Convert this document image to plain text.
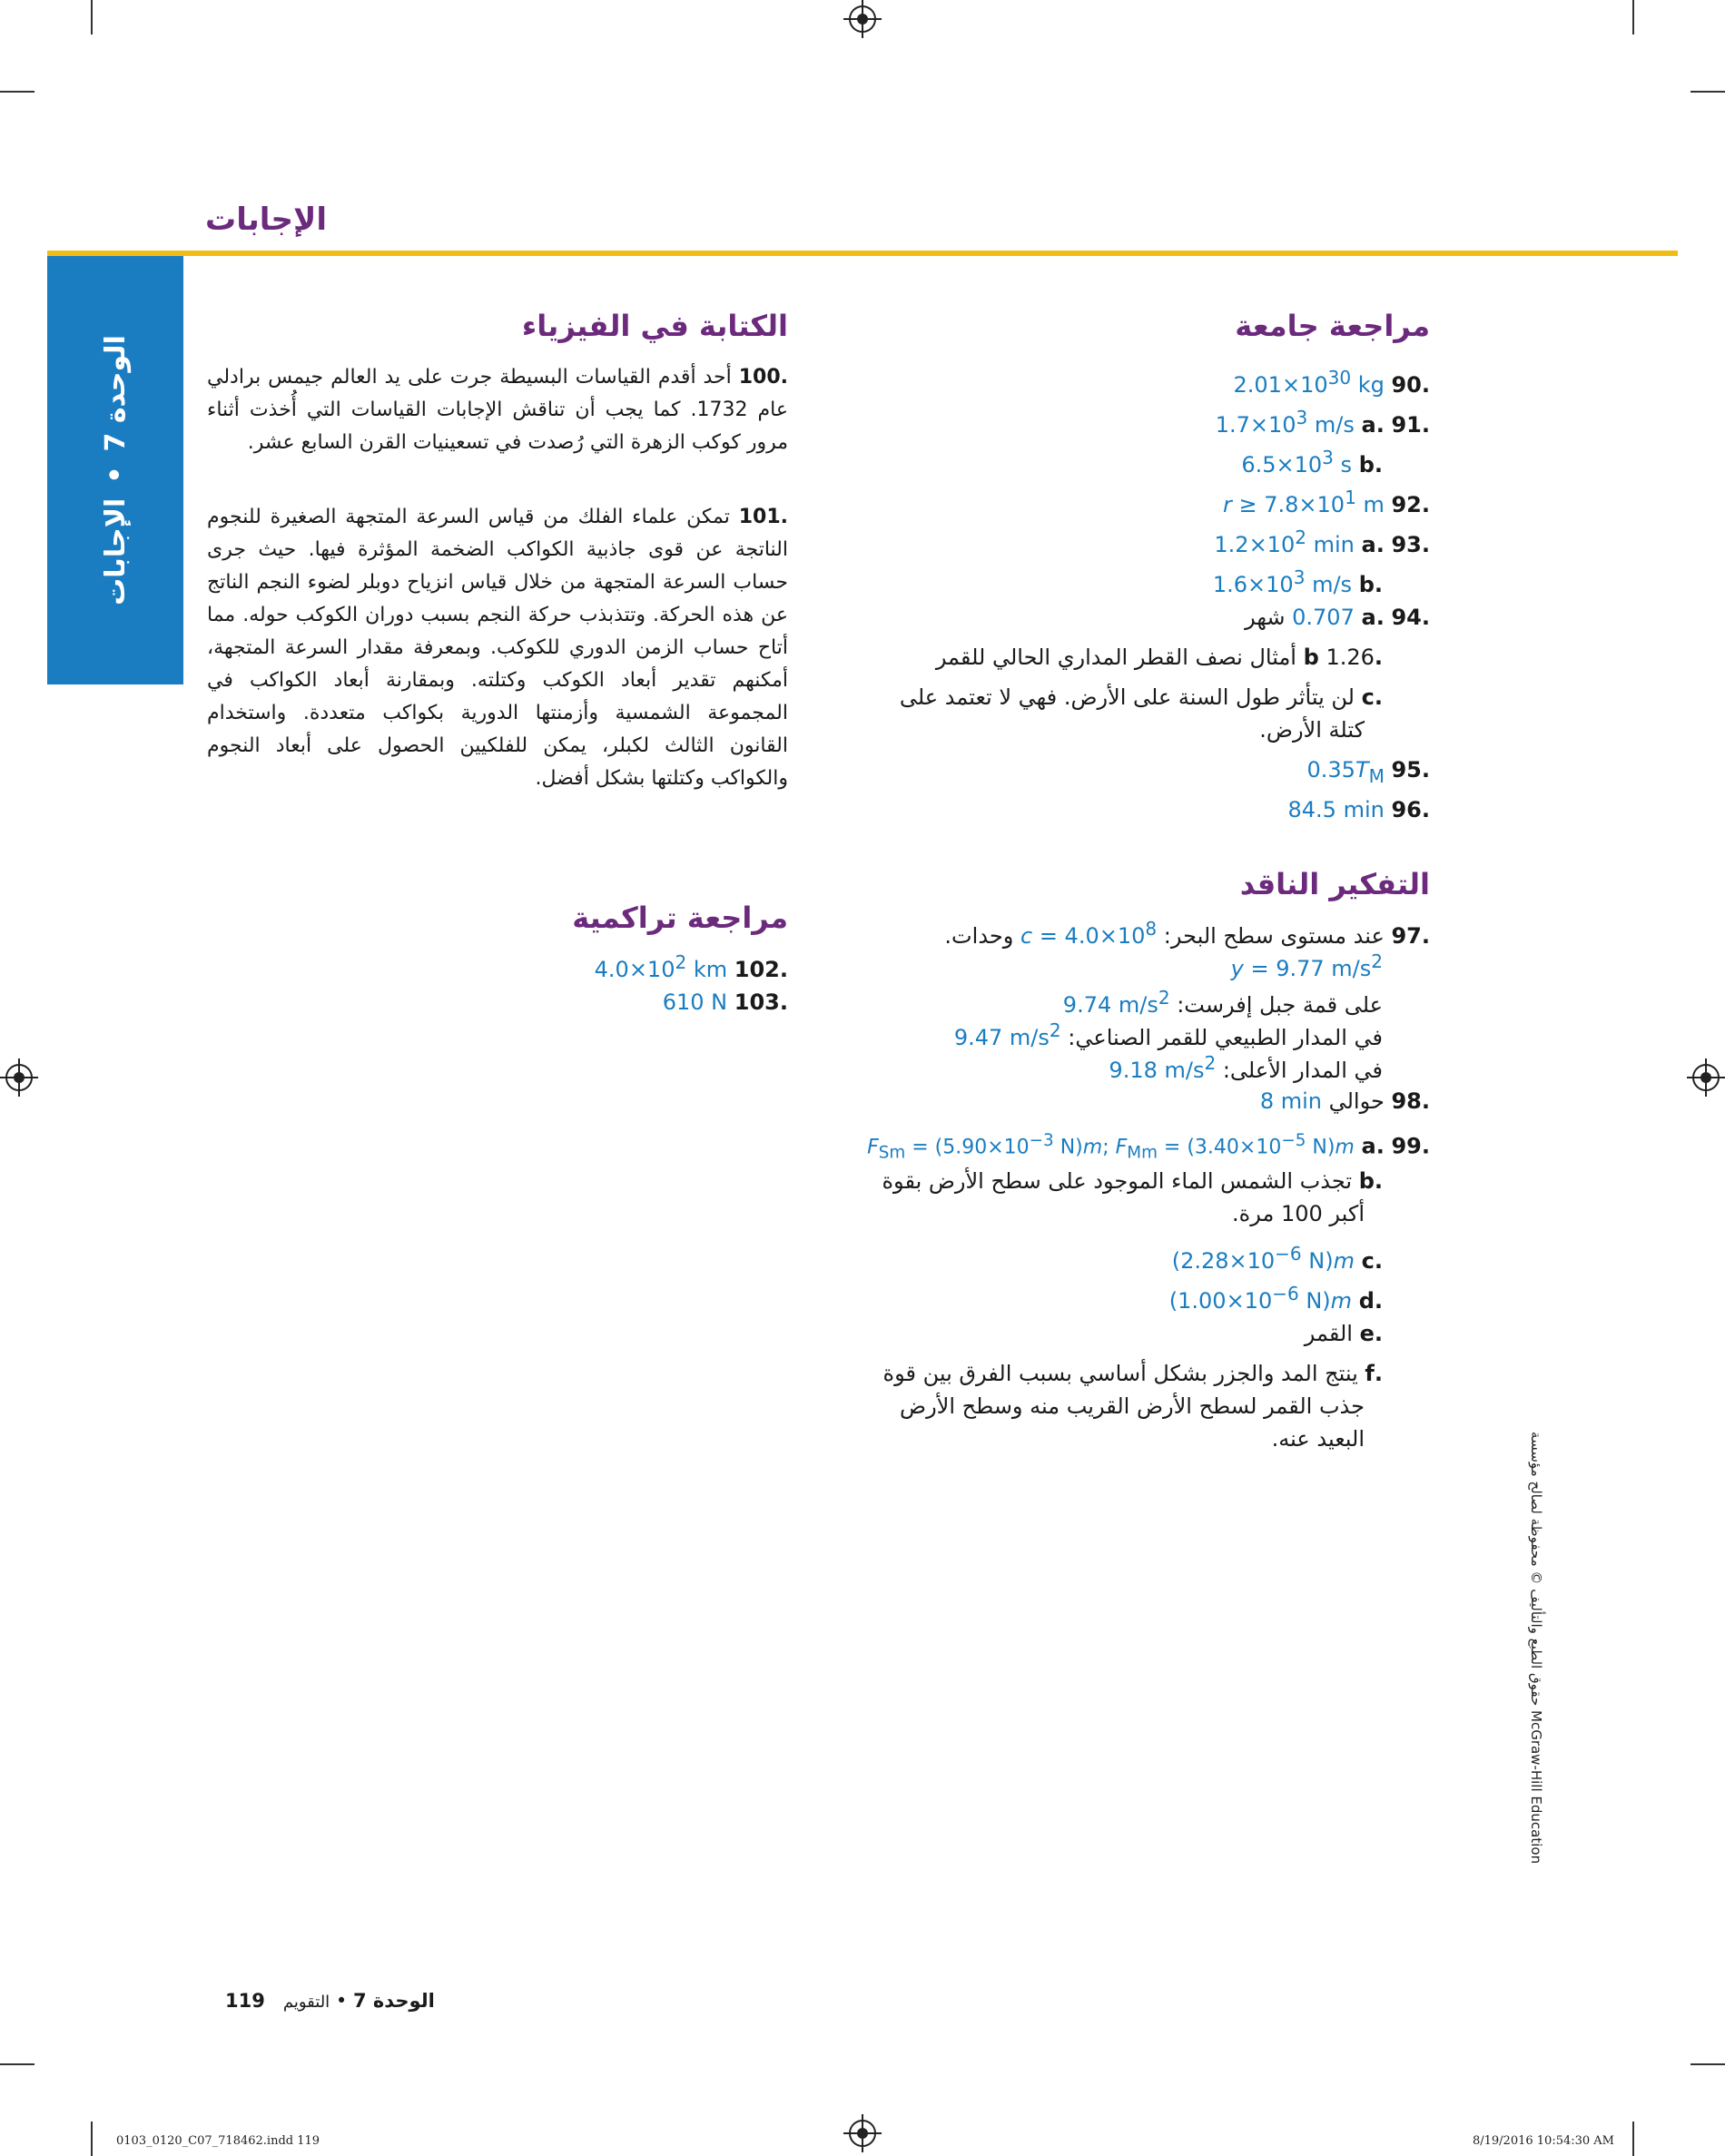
الإجابات
الوحدة 7
•
الإجابات
مراجعة جامعة
.90 $2.01\times 10^{30}$ kg
.91 .a $1.7\times 10^3$ m/s
.b $6.5\times 10^3$ s
.92 $r \ge 7.8\times 10^1$ m
.93 .a $1.2\times 10^2$ min
.b $1.6\times 10^3$ m/s
.94 .a 0.707 شهر
.b 1.26 أمثال نصف القطر المداري الحالي للقمر
.c لن يتأثر طول السنة على الأرض. فهي لا تعتمد على
كتلة الأرض.
.95 $0.35T_M$
.96 84.5 min
التفكير الناقد
.97 عند مستوى سطح البحر: $c = 4.0\times 10^8$ وحدات.
y = 9.77 $m/s^2$
على قمة جبل إفرست: 9.74 $m/s^2$
في المدار الطبيعي للقمر الصناعي: 9.47 $m/s^2$
في المدار الأعلى: 9.18 $m/s^2$
.98 حوالي 8 min
.99 .a $F_{Sm} = (5.90\times 10^{-3}$ N)m; $F_{Mm} = (3.40\times 10^{-5}$ N)m
.b تجذب الشمس الماء الموجود على سطح الأرض بقوة
أكبر 100 مرة.
.c ($2.28\times 10^{-6}$ N)m
.d ($1.00\times 10^{-6}$ N)m
.e القمر
.f ينتج المد والجزر بشكل أساسي بسبب الفرق بين قوة
جذب القمر لسطح الأرض القريب منه وسطح الأرض
البعيد عنه.
الكتابة في الفيزياء
.100 أحد أقدم القياسات البسيطة جرت على يد العالم جيمس برادلي عام 1732. كما يجب أن تناقش الإجابات القياسات التي أُخذت أثناء مرور كوكب الزهرة التي رُصدت في تسعينيات القرن السابع عشر.
.101 تمكن علماء الفلك من قياس السرعة المتجهة الصغيرة للنجوم الناتجة عن قوى جاذبية الكواكب الضخمة المؤثرة فيها. حيث جرى حساب السرعة المتجهة من خلال قياس انزياح دوبلر لضوء النجم الناتج عن هذه الحركة. وتتذبذب حركة النجم بسبب دوران الكوكب حوله. مما أتاح حساب الزمن الدوري للكوكب. وبمعرفة مقدار السرعة المتجهة، أمكنهم تقدير أبعاد الكوكب وكتلته. وبمقارنة أبعاد الكواكب في المجموعة الشمسية وأزمنتها الدورية بكواكب متعددة. واستخدام القانون الثالث لكبلر، يمكن للفلكيين الحصول على أبعاد النجوم والكواكب وكتلتها بشكل أفضل.
مراجعة تراكمية
.102 $4.0\times 10^2$ km
.103 610 N
حقوق الطبع والتأليف © محفوظة لصالح مؤسسة McGraw-Hill Education
الوحدة 7 • التقويم   119
0103_0120_C07_718462.indd 119	8/19/2016 10:54:30 AM
